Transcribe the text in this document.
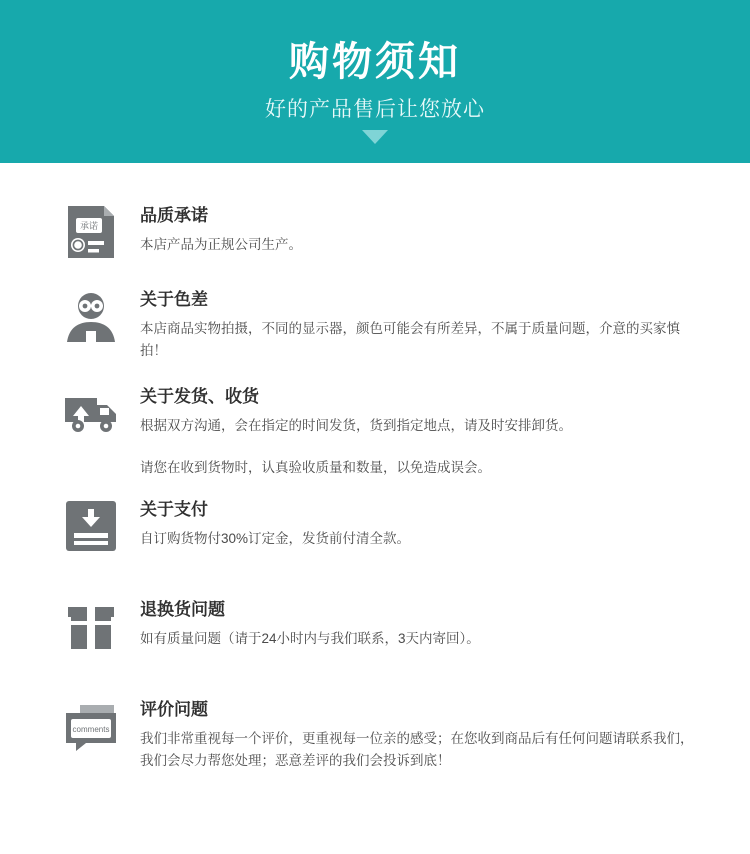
购物须知

好的产品售后让您放心

承诺

品质承诺

本店产品为正规公司生产。

关于色差

本店商品实物拍摄，不同的显示器，颜色可能会有所差异，不属于质量问题，介意的买家慎拍！

关于发货、收货

根据双方沟通，会在指定的时间发货，货到指定地点，请及时安排卸货。

请您在收到货物时，认真验收质量和数量，以免造成误会。

关于支付

自订购货物付30%订定金，发货前付清全款。

退换货问题

如有质量问题（请于24小时内与我们联系，3天内寄回）。

comments

评价问题

我们非常重视每一个评价，更重视每一位亲的感受；在您收到商品后有任何问题请联系我们，我们会尽力帮您处理；恶意差评的我们会投诉到底！
